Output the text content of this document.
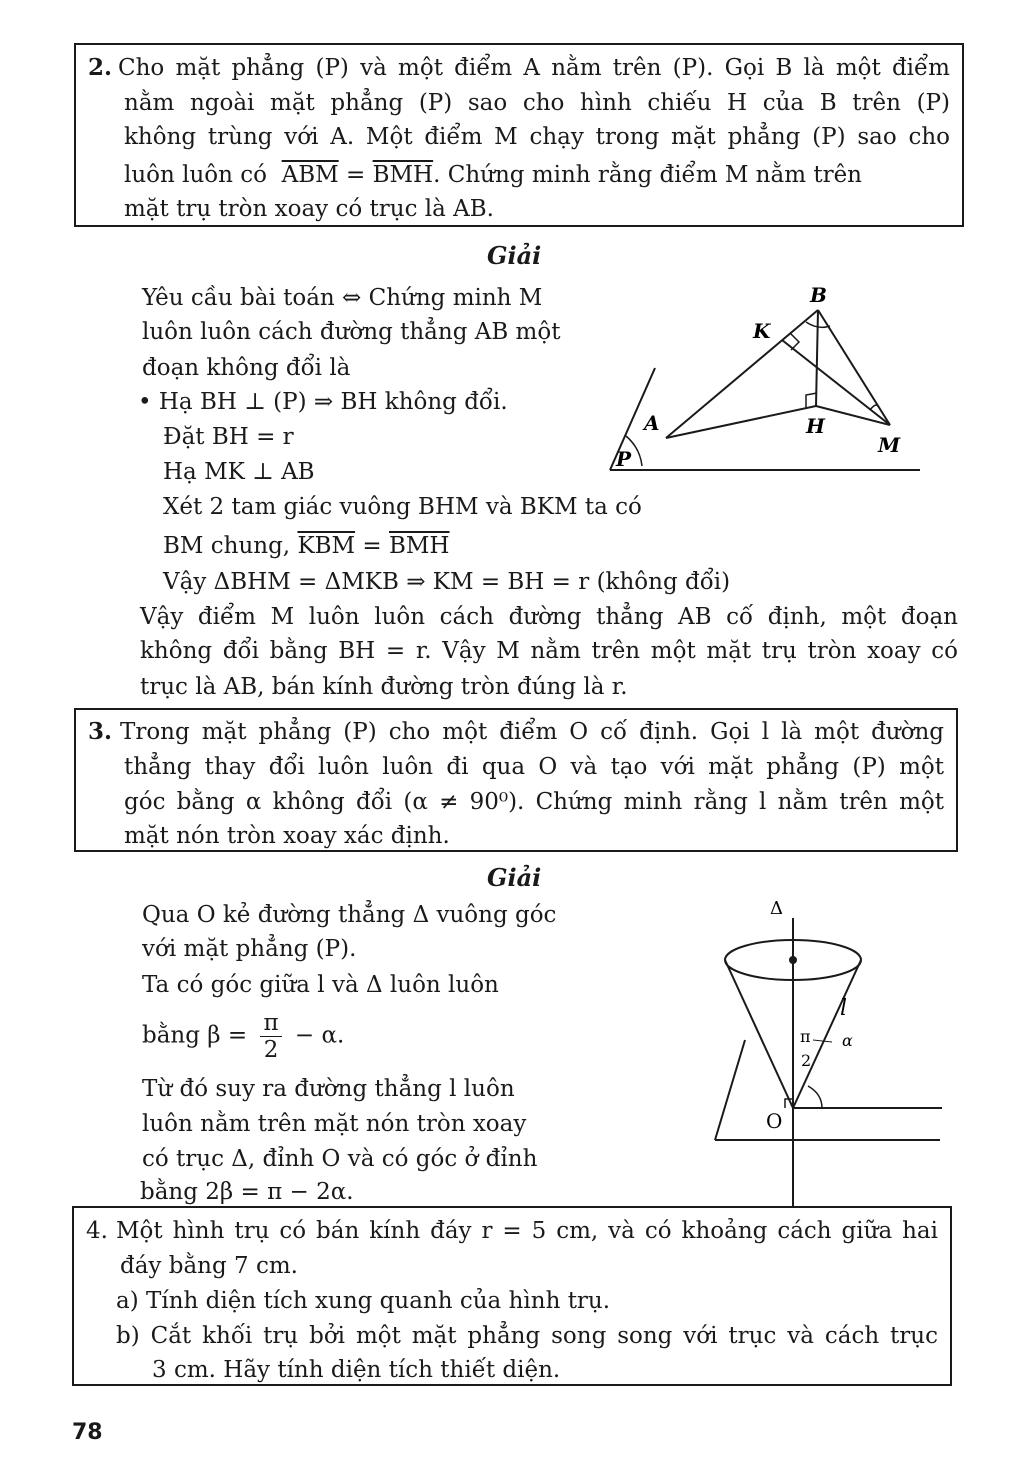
2. Cho mặt phẳng (P) và một điểm A nằm trên (P). Gọi B là một điểm
nằm ngoài mặt phẳng (P) sao cho hình chiếu H của B trên (P)
không trùng với A. Một điểm M chạy trong mặt phẳng (P) sao cho
luôn luôn có $\overline{ABM} = \overline{BMH}$. Chứng minh rằng điểm M nằm trên
mặt trụ tròn xoay có trục là AB.
Giải
Yêu cầu bài toán ⇔ Chứng minh M
luôn luôn cách đường thẳng AB một
đoạn không đổi là
• Hạ BH ⊥ (P) ⇒ BH không đổi.
Đặt BH = r
Hạ MK ⊥ AB
Xét 2 tam giác vuông BHM và BKM ta có
BM chung, $\overline{KBM} = \overline{BMH}$
Vậy ΔBHM = ΔMKB ⇒ KM = BH = r (không đổi)
Vậy điểm M luôn luôn cách đường thẳng AB cố định, một đoạn
không đổi bằng BH = r. Vậy M nằm trên một mặt trụ tròn xoay có
trục là AB, bán kính đường tròn đúng là r.
B
K
A	H
M
P
3. Trong mặt phẳng (P) cho một điểm O cố định. Gọi l là một đường
thẳng thay đổi luôn luôn đi qua O và tạo với mặt phẳng (P) một
góc bằng α không đổi (α ≠ 90⁰). Chứng minh rằng l nằm trên một
mặt nón tròn xoay xác định.
Giải
Qua O kẻ đường thẳng Δ vuông góc
với mặt phẳng (P).
Ta có góc giữa l và Δ luôn luôn
bằng $\beta = \frac{\pi}{2} - \alpha$.
Từ đó suy ra đường thẳng l luôn
luôn nằm trên mặt nón tròn xoay
có trục Δ, đỉnh O và có góc ở đỉnh
bằng 2β = π − 2α.
Δ
l
π
2
α
O
4. Một hình trụ có bán kính đáy r = 5 cm, và có khoảng cách giữa hai
đáy bằng 7 cm.
a) Tính diện tích xung quanh của hình trụ.
b) Cắt khối trụ bởi một mặt phẳng song song với trục và cách trục
3 cm. Hãy tính diện tích thiết diện.
78
